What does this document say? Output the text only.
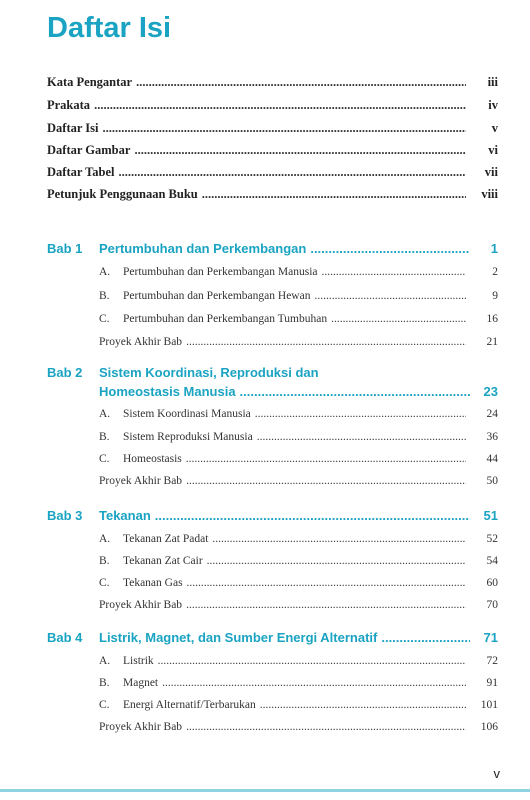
Daftar Isi
Kata Pengantar .....	iii
Prakata .....	iv
Daftar Isi .....	v
Daftar Gambar .....	vi
Daftar Tabel .....	vii
Petunjuk Penggunaan Buku .....	viii
Bab 1 Pertumbuhan dan Perkembangan .....	1
A. Pertumbuhan dan Perkembangan Manusia .....	2
B. Pertumbuhan dan Perkembangan Hewan .....	9
C. Pertumbuhan dan Perkembangan Tumbuhan .....	16
Proyek Akhir Bab .....	21
Bab 2 Sistem Koordinasi, Reproduksi dan
Homeostasis Manusia .....	23
A. Sistem Koordinasi Manusia .....	24
B. Sistem Reproduksi Manusia .....	36
C. Homeostasis .....	44
Proyek Akhir Bab .....	50
Bab 3 Tekanan .....	51
A. Tekanan Zat Padat .....	52
B. Tekanan Zat Cair .....	54
C. Tekanan Gas .....	60
Proyek Akhir Bab .....	70
Bab 4 Listrik, Magnet, dan Sumber Energi Alternatif .....	71
A. Listrik .....	72
B. Magnet .....	91
C. Energi Alternatif/Terbarukan .....	101
Proyek Akhir Bab .....	106
v
